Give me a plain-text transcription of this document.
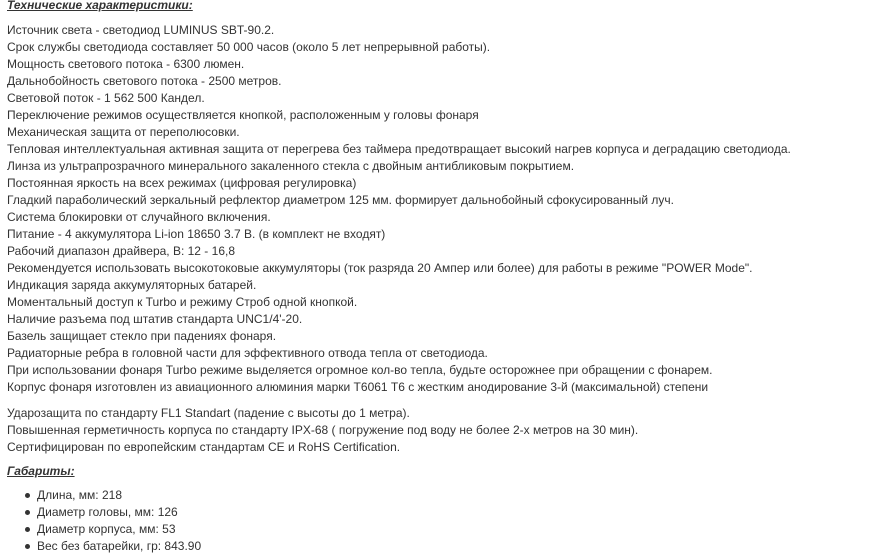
Технические характеристики:

Источник света - светодиод LUMINUS SBT-90.2.
Срок службы светодиода составляет 50 000 часов (около 5 лет непрерывной работы).
Мощность светового потока - 6300 люмен.
Дальнобойность светового потока - 2500 метров.
Световой поток - 1 562 500 Кандел.
Переключение режимов осуществляется кнопкой, расположенным у головы фонаря
Механическая защита от переполюсовки.
Тепловая интеллектуальная активная защита от перегрева без таймера предотвращает высокий нагрев корпуса и деградацию светодиода.
Линза из ультрапрозрачного минерального закаленного стекла с двойным антибликовым покрытием.
Постоянная яркость на всех режимах (цифровая регулировка)
Гладкий параболический зеркальный рефлектор диаметром 125 мм. формирует дальнобойный сфокусированный луч.
Система блокировки от случайного включения.
Питание - 4 аккумулятора Li-ion 18650 3.7 В. (в комплект не входят)
Рабочий диапазон драйвера, В: 12 - 16,8
Рекомендуется использовать высокотоковые аккумуляторы (ток разряда 20 Ампер или более) для работы в режиме "POWER Mode".
Индикация заряда аккумуляторных батарей.
Моментальный доступ к Turbo и режиму Строб одной кнопкой.
Наличие разъема под штатив стандарта UNC1/4'-20.
Базель защищает стекло при падениях фонаря.
Радиаторные ребра в головной части для эффективного отвода тепла от светодиода.
При использовании фонаря Turbo режиме выделяется огромное кол-во тепла, будьте осторожнее при обращении с фонарем.
Корпус фонаря изготовлен из авиационного алюминия марки Т6061 Т6 с жестким анодирование 3-й (максимальной) степени
Ударозащита по стандарту FL1 Standart (падение с высоты до 1 метра).
Повышенная герметичность корпуса по стандарту IPX-68 ( погружение под воду не более 2-х метров на 30 мин).
Сертифицирован по европейским стандартам CE и RoHS Certification.

Габариты:

Длина, мм: 218
Диаметр головы, мм: 126
Диаметр корпуса, мм: 53
Вес без батарейки, гр: 843.90
